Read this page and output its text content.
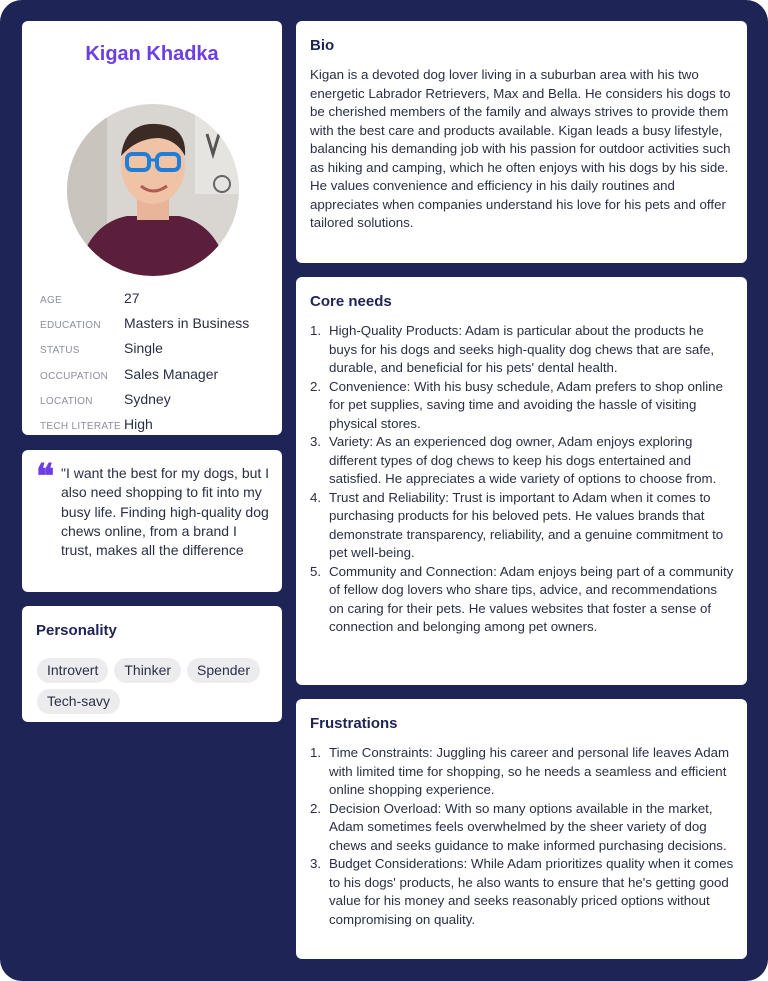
Kigan Khadka
AGE	27
EDUCATION	Masters in Business
STATUS	Single
OCCUPATION	Sales Manager
LOCATION	Sydney
TECH LITERATE High
❝ "I want the best for my dogs, but I also need shopping to fit into my busy life. Finding high-quality dog chews online, from a brand I trust, makes all the difference
Personality
Introvert	Thinker	Spender
Tech-savy
Bio
Kigan is a devoted dog lover living in a suburban area with his two energetic Labrador Retrievers, Max and Bella. He considers his dogs to be cherished members of the family and always strives to provide them with the best care and products available. Kigan leads a busy lifestyle, balancing his demanding job with his passion for outdoor activities such as hiking and camping, which he often enjoys with his dogs by his side. He values convenience and efficiency in his daily routines and appreciates when companies understand his love for his pets and offer tailored solutions.
Core needs
1. High-Quality Products: Adam is particular about the products he buys for his dogs and seeks high-quality dog chews that are safe, durable, and beneficial for his pets' dental health.
2. Convenience: With his busy schedule, Adam prefers to shop online for pet supplies, saving time and avoiding the hassle of visiting physical stores.
3. Variety: As an experienced dog owner, Adam enjoys exploring different types of dog chews to keep his dogs entertained and satisfied. He appreciates a wide variety of options to choose from.
4. Trust and Reliability: Trust is important to Adam when it comes to purchasing products for his beloved pets. He values brands that demonstrate transparency, reliability, and a genuine commitment to pet well-being.
5. Community and Connection: Adam enjoys being part of a community of fellow dog lovers who share tips, advice, and recommendations on caring for their pets. He values websites that foster a sense of connection and belonging among pet owners.
Frustrations
1. Time Constraints: Juggling his career and personal life leaves Adam with limited time for shopping, so he needs a seamless and efficient online shopping experience.
2. Decision Overload: With so many options available in the market, Adam sometimes feels overwhelmed by the sheer variety of dog chews and seeks guidance to make informed purchasing decisions.
3. Budget Considerations: While Adam prioritizes quality when it comes to his dogs' products, he also wants to ensure that he's getting good value for his money and seeks reasonably priced options without compromising on quality.
